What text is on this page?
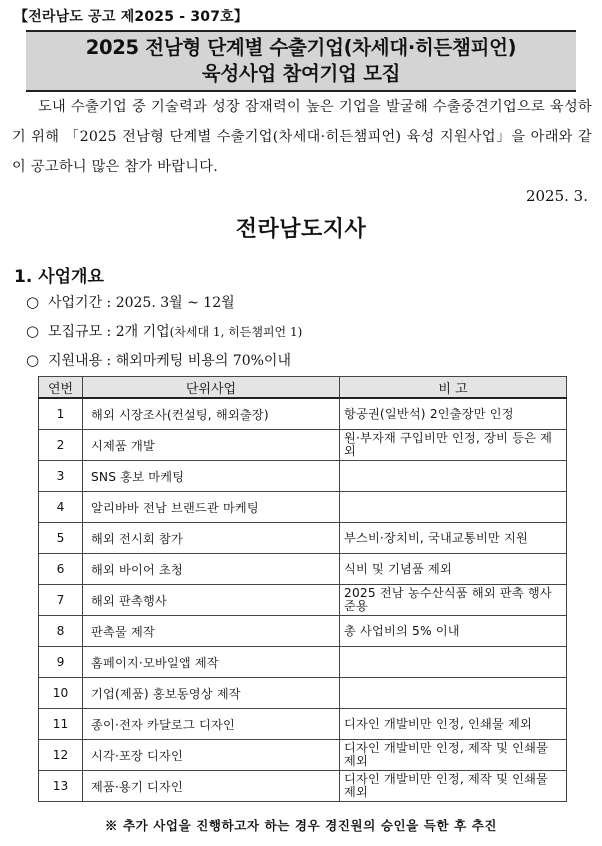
【전라남도 공고 제2025 - 307호】
2025 전남형 단계별 수출기업(차세대·히든챔피언)
육성사업 참여기업 모집

도내 수출기업 중 기술력과 성장 잠재력이 높은 기업을 발굴해 수출중견기업으로 육성하기 위해 「2025 전남형 단계별 수출기업(차세대·히든챔피언) 육성 지원사업」을 아래와 같이 공고하니 많은 참가 바랍니다.

2025. 3.
전라남도지사
1. 사업개요
○ 사업기간 : 2025. 3월 ~ 12월
○ 모집규모 : 2개 기업(차세대 1, 히든챔피언 1)
○ 지원내용 : 해외마케팅 비용의 70%이내
연번	단위사업	비 고
1	해외 시장조사(컨설팅, 해외출장)	항공권(일반석) 2인출장만 인정
2	시제품 개발	원·부자재 구입비만 인정, 장비 등은 제외
3	SNS 홍보 마케팅	
4	알리바바 전남 브랜드관 마케팅	
5	해외 전시회 참가	부스비·장치비, 국내교통비만 지원
6	해외 바이어 초청	식비 및 기념품 제외
7	해외 판촉행사	2025 전남 농수산식품 해외 판촉 행사 준용
8	판촉물 제작	총 사업비의 5% 이내
9	홈페이지·모바일앱 제작	
10	기업(제품) 홍보동영상 제작	
11	종이·전자 카달로그 디자인	디자인 개발비만 인정, 인쇄물 제외
12	시각·포장 디자인	디자인 개발비만 인정, 제작 및 인쇄물 제외
13	제품·용기 디자인	디자인 개발비만 인정, 제작 및 인쇄물 제외
※ 추가 사업을 진행하고자 하는 경우 경진원의 승인을 득한 후 추진
